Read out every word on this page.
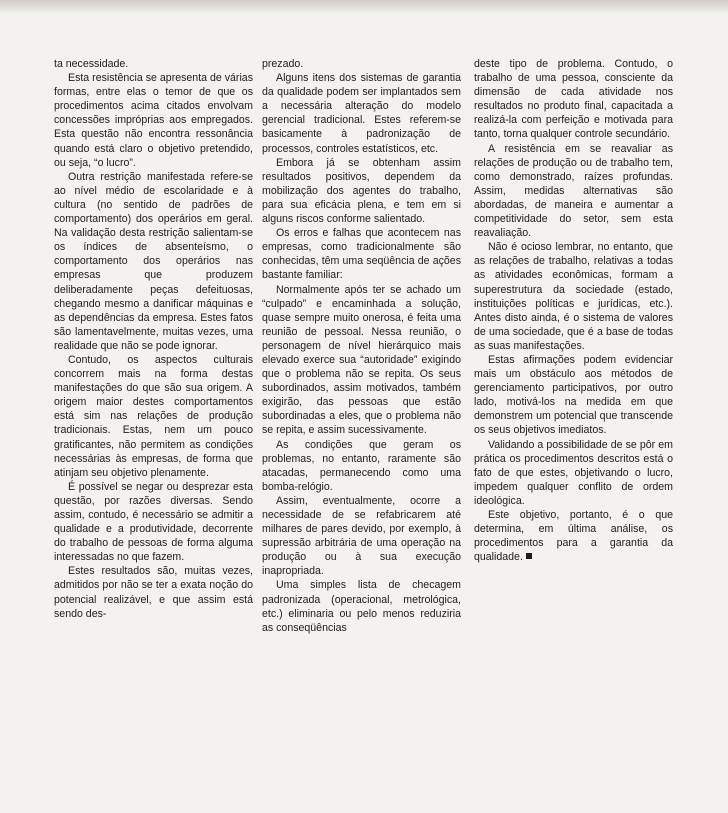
ta necessidade.

Esta resistência se apresenta de várias formas, entre elas o temor de que os procedimentos acima citados envolvam concessões impróprias aos empregados. Esta questão não encontra ressonância quando está claro o objetivo pretendido, ou seja, “o lucro”.

Outra restrição manifestada refere-se ao nível médio de escolaridade e à cultura (no sentido de padrões de comportamento) dos operários em geral. Na validação desta restrição salientam-se os índices de absenteísmo, o comportamento dos operários nas empresas que produzem deliberadamente peças defeituosas, chegando mesmo a danificar máquinas e as dependências da empresa. Estes fatos são lamentavelmente, muitas vezes, uma realidade que não se pode ignorar.

Contudo, os aspectos culturais concorrem mais na forma destas manifestações do que são sua origem. A origem maior destes comportamentos está sim nas relações de produção tradicionais. Estas, nem um pouco gratificantes, não permitem as condições necessárias às empresas, de forma que atinjam seu objetivo plenamente.

É possível se negar ou desprezar esta questão, por razões diversas. Sendo assim, contudo, é necessário se admitir a qualidade e a produtividade, decorrente do trabalho de pessoas de forma alguma interessadas no que fazem.

Estes resultados são, muitas vezes, admitidos por não se ter a exata noção do potencial realizável, e que assim está sendo des-

prezado.

Alguns itens dos sistemas de garantia da qualidade podem ser implantados sem a necessária alteração do modelo gerencial tradicional. Estes referem-se basicamente à padronização de processos, controles estatísticos, etc.

Embora já se obtenham assim resultados positivos, dependem da mobilização dos agentes do trabalho, para sua eficácia plena, e tem em si alguns riscos conforme salientado.

Os erros e falhas que acontecem nas empresas, como tradicionalmente são conhecidas, têm uma seqüência de ações bastante familiar:

Normalmente após ter se achado um “culpado” e encaminhada a solução, quase sempre muito onerosa, é feita uma reunião de pessoal. Nessa reunião, o personagem de nível hierárquico mais elevado exerce sua “autoridade” exigindo que o problema não se repita. Os seus subordinados, assim motivados, também exigirão, das pessoas que estão subordinadas a eles, que o problema não se repita, e assim sucessivamente.

As condições que geram os problemas, no entanto, raramente são atacadas, permanecendo como uma bomba-relógio.

Assim, eventualmente, ocorre a necessidade de se refabricarem até milhares de pares devido, por exemplo, à supressão arbitrária de uma operação na produção ou à sua execução inapropriada.

Uma simples lista de checagem padronizada (operacional, metrológica, etc.) eliminaria ou pelo menos reduziria as conseqüências

deste tipo de problema. Contudo, o trabalho de uma pessoa, consciente da dimensão de cada atividade nos resultados no produto final, capacitada a realizá-la com perfeição e motivada para tanto, torna qualquer controle secundário.

A resistência em se reavaliar as relações de produção ou de trabalho tem, como demonstrado, raízes profundas. Assim, medidas alternativas são abordadas, de maneira e aumentar a competitividade do setor, sem esta reavaliação.

Não é ocioso lembrar, no entanto, que as relações de trabalho, relativas a todas as atividades econômicas, formam a superestrutura da sociedade (estado, instituições políticas e jurídicas, etc.). Antes disto ainda, é o sistema de valores de uma sociedade, que é a base de todas as suas manifestações.

Estas afirmações podem evidenciar mais um obstáculo aos métodos de gerenciamento participativos, por outro lado, motivá-los na medida em que demonstrem um potencial que transcende os seus objetivos imediatos.

Validando a possibilidade de se pôr em prática os procedimentos descritos está o fato de que estes, objetivando o lucro, impedem qualquer conflito de ordem ideológica.

Este objetivo, portanto, é o que determina, em última análise, os procedimentos para a garantia da qualidade.
